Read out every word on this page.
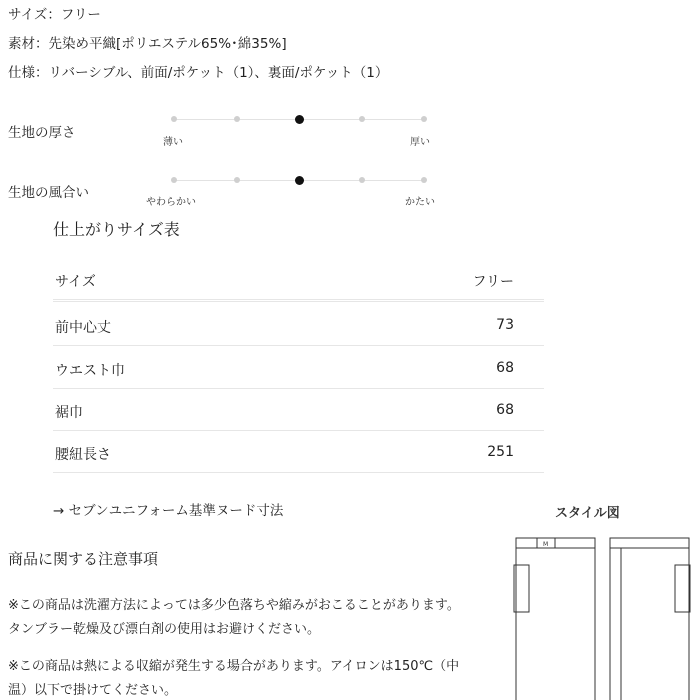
サイズ：フリー
素材：先染め平織[ポリエステル65%･綿35%]
仕様：リバーシブル、前面/ポケット（1）、裏面/ポケット（1）
生地の厚さ
薄い	厚い
生地の風合い
やわらかい	かたい
仕上がりサイズ表
サイズ	フリー
前中心丈	73
ウエスト巾	68
裾巾	68
腰紐長さ	251
→ セブンユニフォーム基準ヌード寸法	スタイル図
M
商品に関する注意事項
※この商品は洗濯方法によっては多少色落ちや縮みがおこることがあります。
タンブラー乾燥及び漂白剤の使用はお避けください。
※この商品は熱による収縮が発生する場合があります。アイロンは150℃（中
温）以下で掛けてください。
